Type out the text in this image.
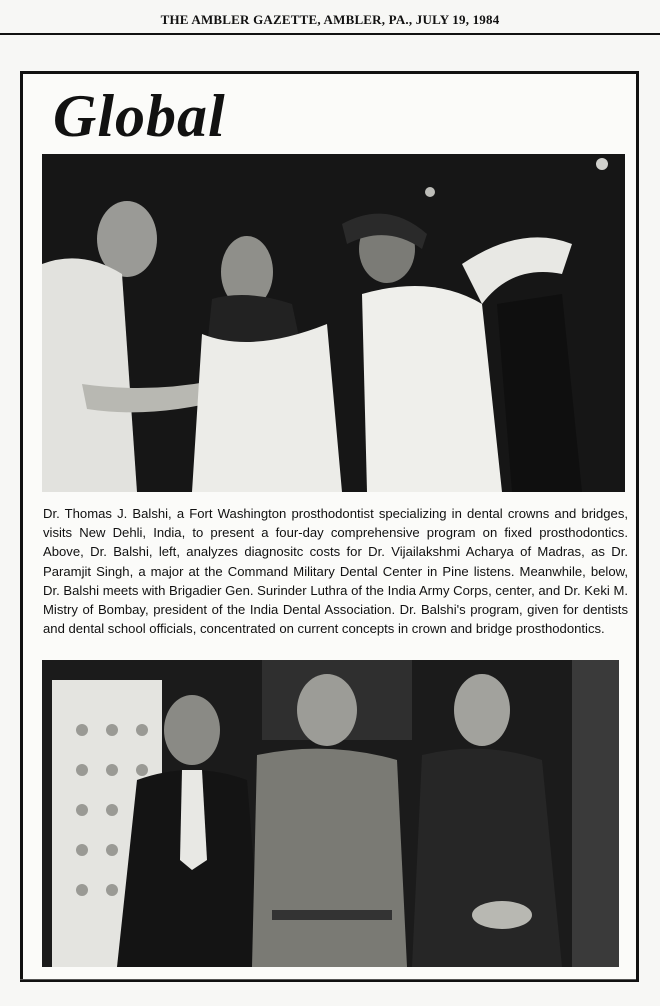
THE AMBLER GAZETTE, AMBLER, PA., JULY 19, 1984
Global

Dr. Thomas J. Balshi, a Fort Washington prosthodontist specializing in dental crowns and bridges, visits New Dehli, India, to present a four-day comprehensive program on fixed prosthodontics. Above, Dr. Balshi, left, analyzes diagnositc costs for Dr. Vijailakshmi Acharya of Madras, as Dr. Paramjit Singh, a major at the Command Military Dental Center in Pine listens. Meanwhile, below, Dr. Balshi meets with Brigadier Gen. Surinder Luthra of the India Army Corps, center, and Dr. Keki M. Mistry of Bombay, president of the India Dental Association. Dr. Balshi's program, given for dentists and dental school officials, concentrated on current concepts in crown and bridge prosthodontics.
